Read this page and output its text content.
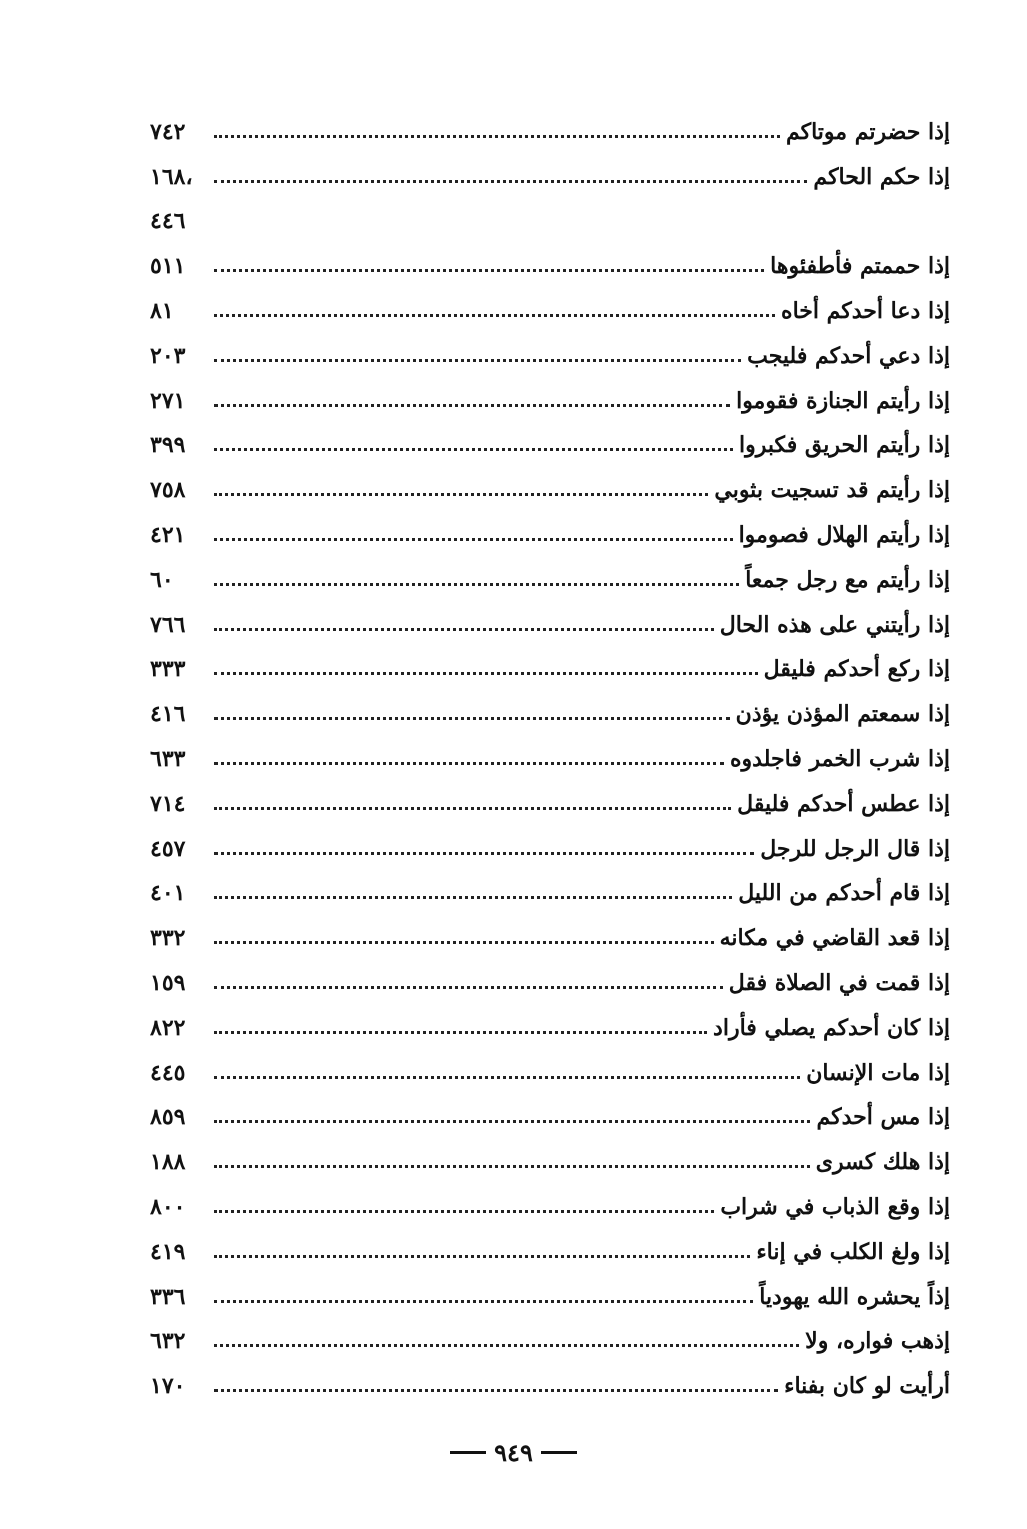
إذا حضرتم موتاكم
٧٤٢
إذا حكم الحاكم
،١٦٨
٤٤٦
إذا حممتم فأطفئوها
٥١١
إذا دعا أحدكم أخاه
٨١
إذا دعي أحدكم فليجب
٢٠٣
إذا رأيتم الجنازة فقوموا
٢٧١
إذا رأيتم الحريق فكبروا
٣٩٩
إذا رأيتم قد تسجيت بثوبي
٧٥٨
إذا رأيتم الهلال فصوموا
٤٢١
إذا رأيتم مع رجل جمعاً
٦٠
إذا رأيتني على هذه الحال
٧٦٦
إذا ركع أحدكم فليقل
٣٣٣
إذا سمعتم المؤذن يؤذن
٤١٦
إذا شرب الخمر فاجلدوه
٦٣٣
إذا عطس أحدكم فليقل
٧١٤
إذا قال الرجل للرجل
٤٥٧
إذا قام أحدكم من الليل
٤٠١
إذا قعد القاضي في مكانه
٣٣٢
إذا قمت في الصلاة فقل
١٥٩
إذا كان أحدكم يصلي فأراد
٨٢٢
إذا مات الإنسان
٤٤٥
إذا مس أحدكم
٨٥٩
إذا هلك كسرى
١٨٨
إذا وقع الذباب في شراب
٨٠٠
إذا ولغ الكلب في إناء
٤١٩
إذاً يحشره الله يهودياً
٣٣٦
إذهب فواره، ولا
٦٣٢
أرأيت لو كان بفناء
١٧٠
٩٤٩
